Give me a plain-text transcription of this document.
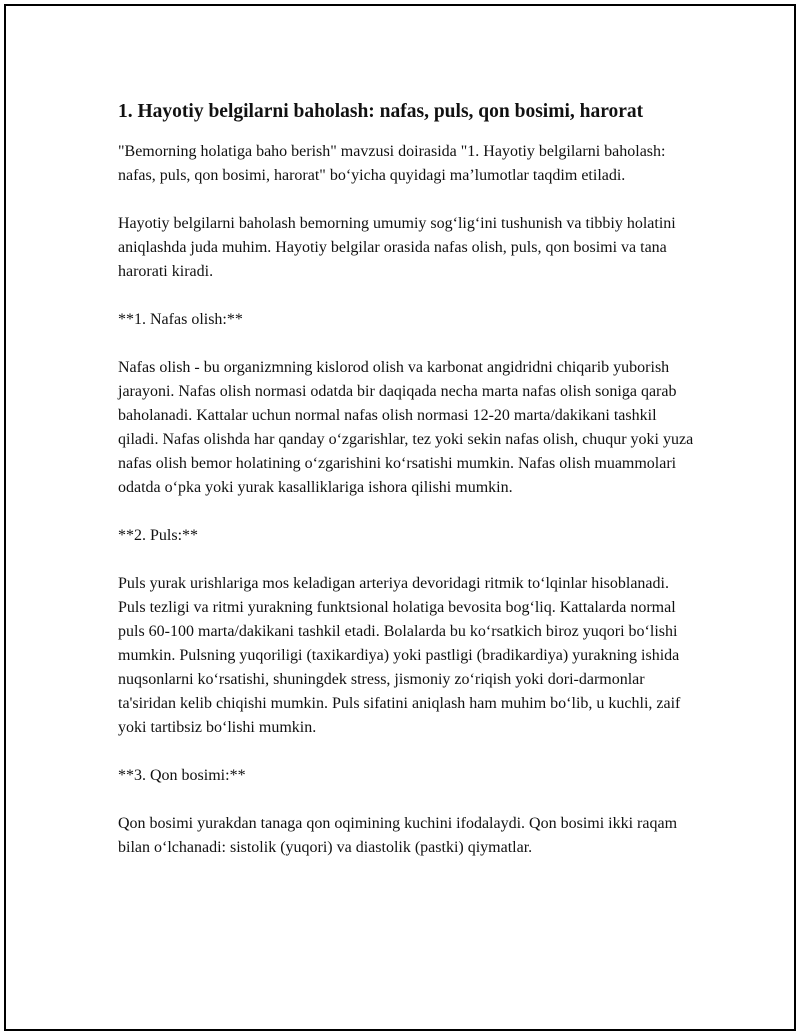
1. Hayotiy belgilarni baholash: nafas, puls, qon bosimi, harorat

"Bemorning holatiga baho berish" mavzusi doirasida "1. Hayotiy belgilarni baholash: nafas, puls, qon bosimi, harorat" bo‘yicha quyidagi ma’lumotlar taqdim etiladi.

Hayotiy belgilarni baholash bemorning umumiy sog‘lig‘ini tushunish va tibbiy holatini aniqlashda juda muhim. Hayotiy belgilar orasida nafas olish, puls, qon bosimi va tana harorati kiradi.

**1. Nafas olish:**

Nafas olish - bu organizmning kislorod olish va karbonat angidridni chiqarib yuborish jarayoni. Nafas olish normasi odatda bir daqiqada necha marta nafas olish soniga qarab baholanadi. Kattalar uchun normal nafas olish normasi 12-20 marta/dakikani tashkil qiladi. Nafas olishda har qanday o‘zgarishlar, tez yoki sekin nafas olish, chuqur yoki yuza nafas olish bemor holatining o‘zgarishini ko‘rsatishi mumkin. Nafas olish muammolari odatda o‘pka yoki yurak kasalliklariga ishora qilishi mumkin.

**2. Puls:**

Puls yurak urishlariga mos keladigan arteriya devoridagi ritmik to‘lqinlar hisoblanadi. Puls tezligi va ritmi yurakning funktsional holatiga bevosita bog‘liq. Kattalarda normal puls 60-100 marta/dakikani tashkil etadi. Bolalarda bu ko‘rsatkich biroz yuqori bo‘lishi mumkin. Pulsning yuqoriligi (taxikardiya) yoki pastligi (bradikardiya) yurakning ishida nuqsonlarni ko‘rsatishi, shuningdek stress, jismoniy zo‘riqish yoki dori-darmonlar ta'siridan kelib chiqishi mumkin. Puls sifatini aniqlash ham muhim bo‘lib, u kuchli, zaif yoki tartibsiz bo‘lishi mumkin.

**3. Qon bosimi:**

Qon bosimi yurakdan tanaga qon oqimining kuchini ifodalaydi. Qon bosimi ikki raqam bilan o‘lchanadi: sistolik (yuqori) va diastolik (pastki) qiymatlar.
